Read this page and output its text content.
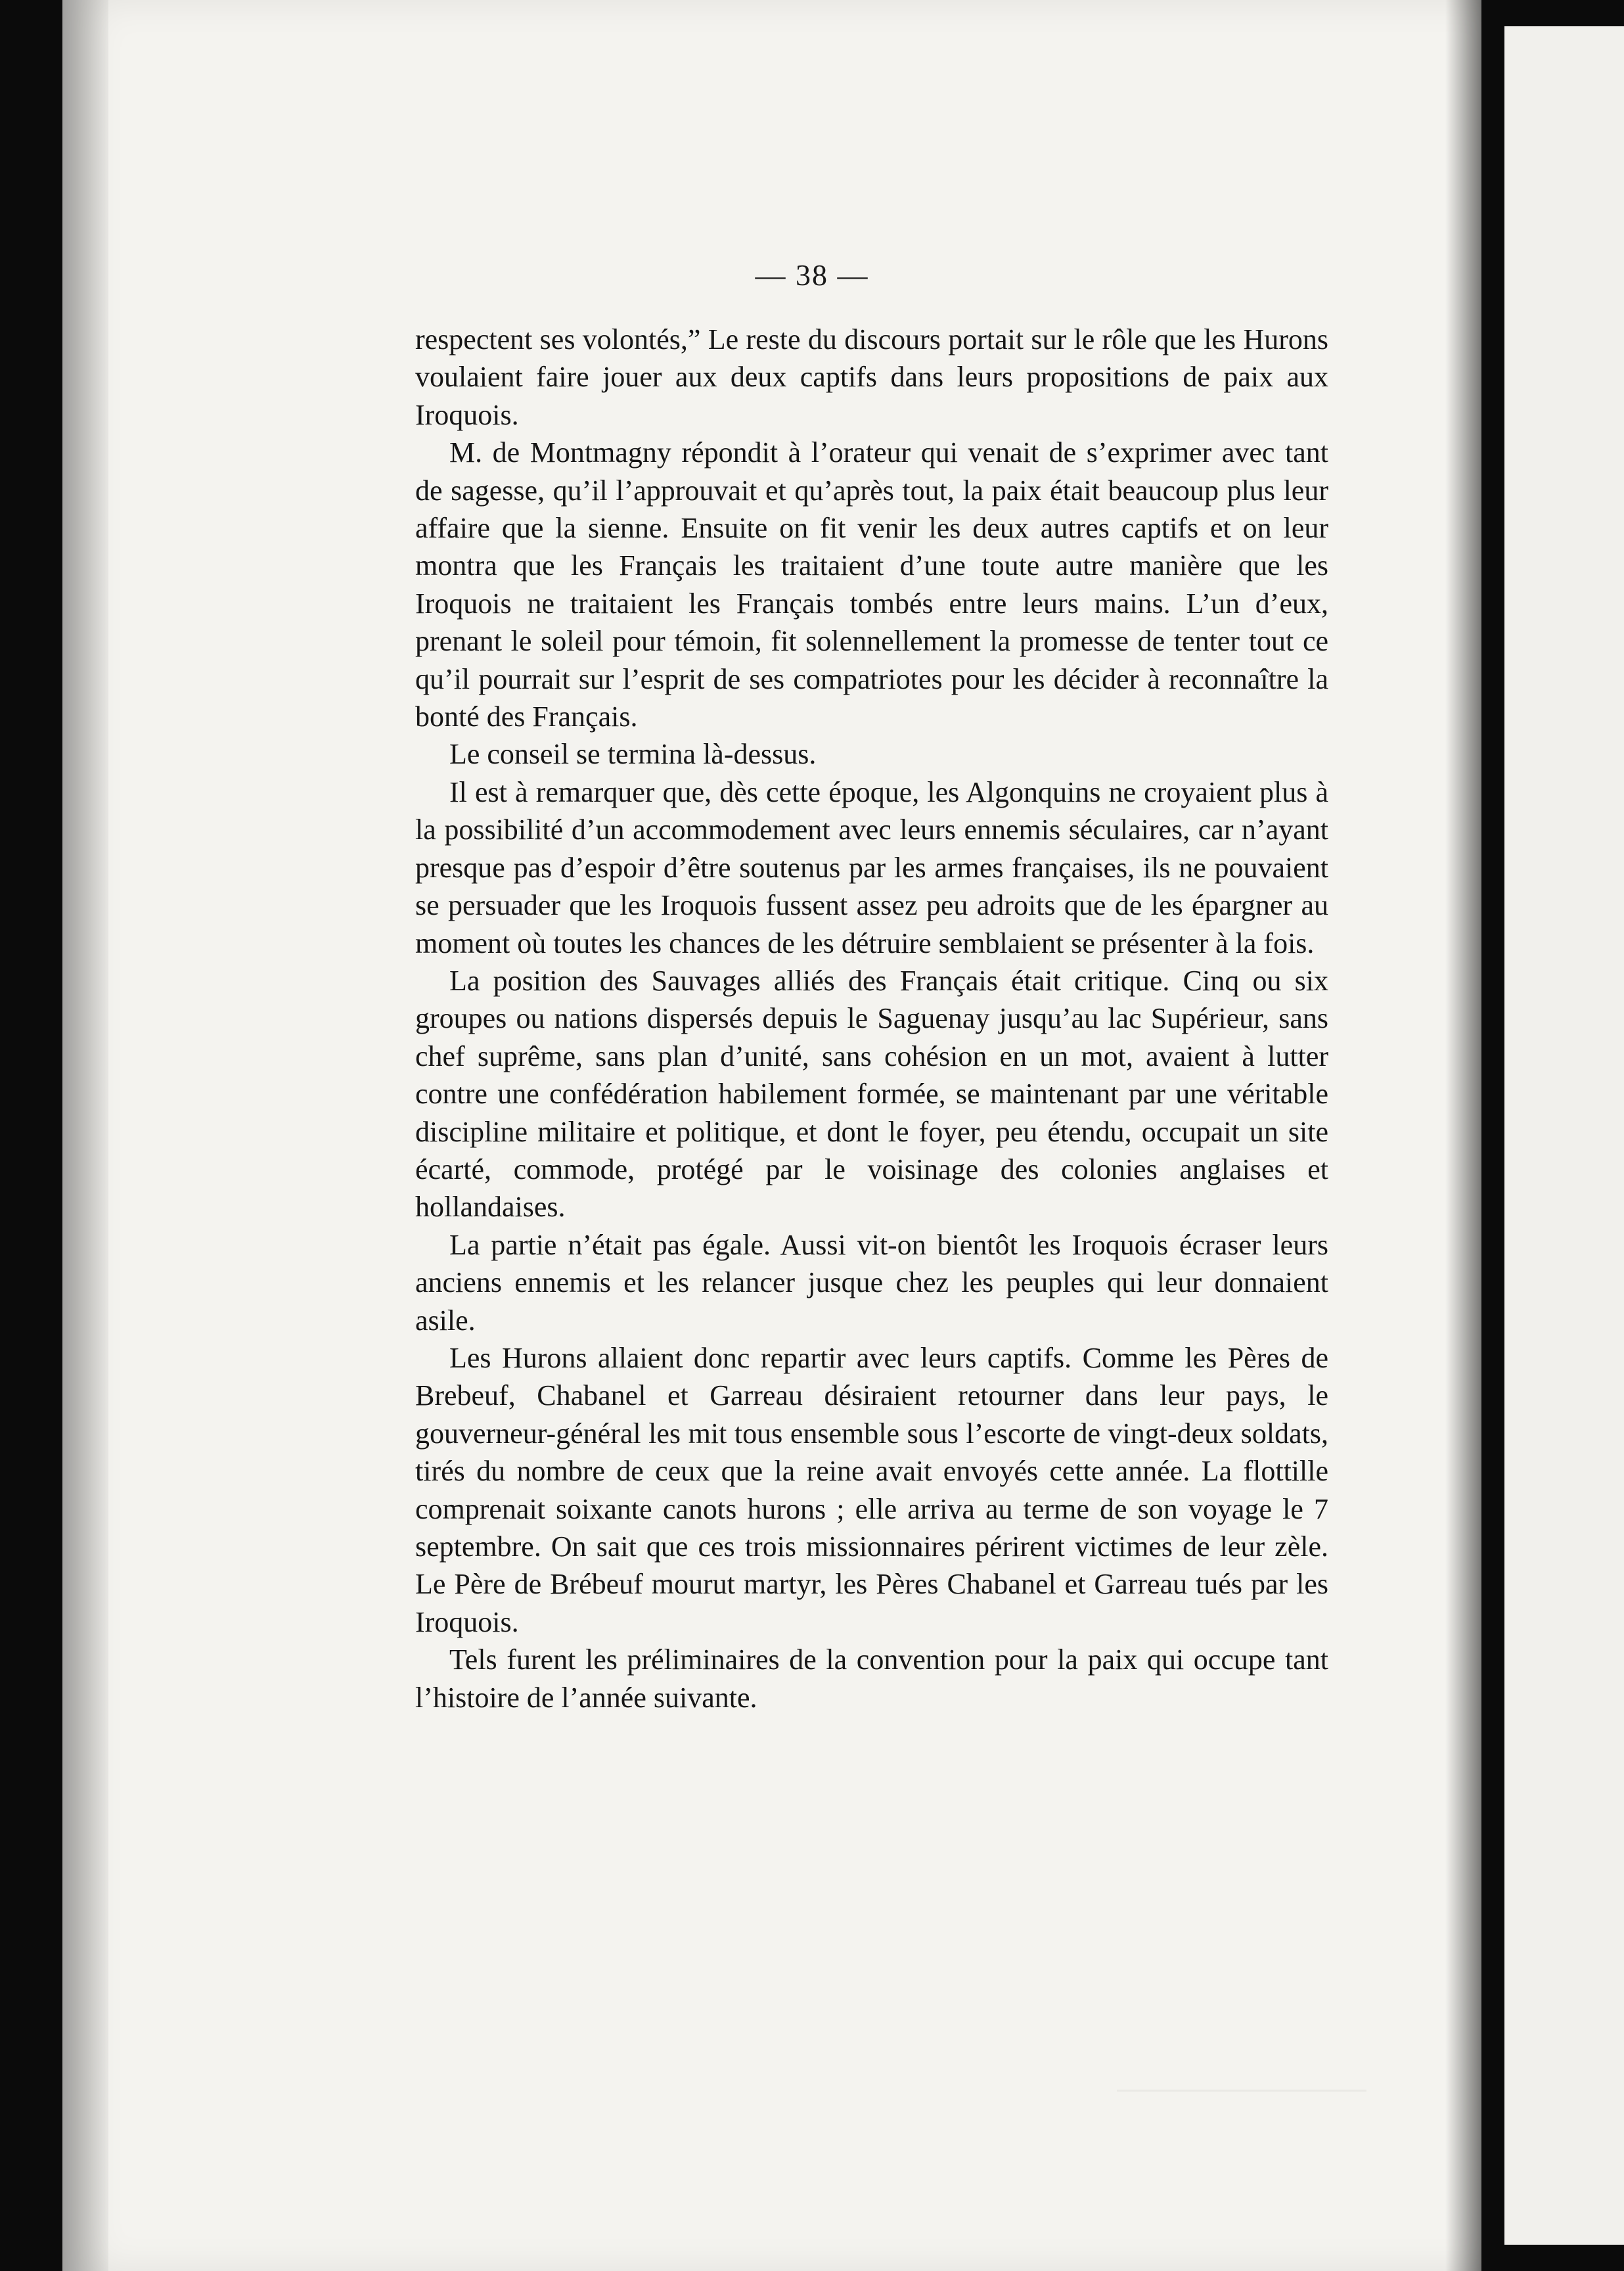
— 38 —

respectent ses volontés,” Le reste du discours portait sur le rôle que les Hurons voulaient faire jouer aux deux captifs dans leurs propositions de paix aux Iroquois.

M. de Montmagny répondit à l’orateur qui venait de s’exprimer avec tant de sagesse, qu’il l’approuvait et qu’après tout, la paix était beaucoup plus leur affaire que la sienne. Ensuite on fit venir les deux autres captifs et on leur montra que les Français les traitaient d’une toute autre manière que les Iroquois ne traitaient les Français tombés entre leurs mains. L’un d’eux, prenant le soleil pour témoin, fit solennellement la promesse de tenter tout ce qu’il pourrait sur l’esprit de ses compatriotes pour les décider à reconnaître la bonté des Français.

Le conseil se termina là-dessus.

Il est à remarquer que, dès cette époque, les Algonquins ne croyaient plus à la possibilité d’un accommodement avec leurs ennemis séculaires, car n’ayant presque pas d’espoir d’être soutenus par les armes françaises, ils ne pouvaient se persuader que les Iroquois fussent assez peu adroits que de les épargner au moment où toutes les chances de les détruire semblaient se présenter à la fois.

La position des Sauvages alliés des Français était critique. Cinq ou six groupes ou nations dispersés depuis le Saguenay jusqu’au lac Supérieur, sans chef suprême, sans plan d’unité, sans cohésion en un mot, avaient à lutter contre une confédération habilement formée, se maintenant par une véritable discipline militaire et politique, et dont le foyer, peu étendu, occupait un site écarté, commode, protégé par le voisinage des colonies anglaises et hollandaises.

La partie n’était pas égale. Aussi vit-on bientôt les Iroquois écraser leurs anciens ennemis et les relancer jusque chez les peuples qui leur donnaient asile.

Les Hurons allaient donc repartir avec leurs captifs. Comme les Pères de Brebeuf, Chabanel et Garreau désiraient retourner dans leur pays, le gouverneur-général les mit tous ensemble sous l’escorte de vingt-deux soldats, tirés du nombre de ceux que la reine avait envoyés cette année. La flottille comprenait soixante canots hurons ; elle arriva au terme de son voyage le 7 septembre. On sait que ces trois missionnaires périrent victimes de leur zèle. Le Père de Brébeuf mourut martyr, les Pères Chabanel et Garreau tués par les Iroquois.

Tels furent les préliminaires de la convention pour la paix qui occupe tant l’histoire de l’année suivante.
